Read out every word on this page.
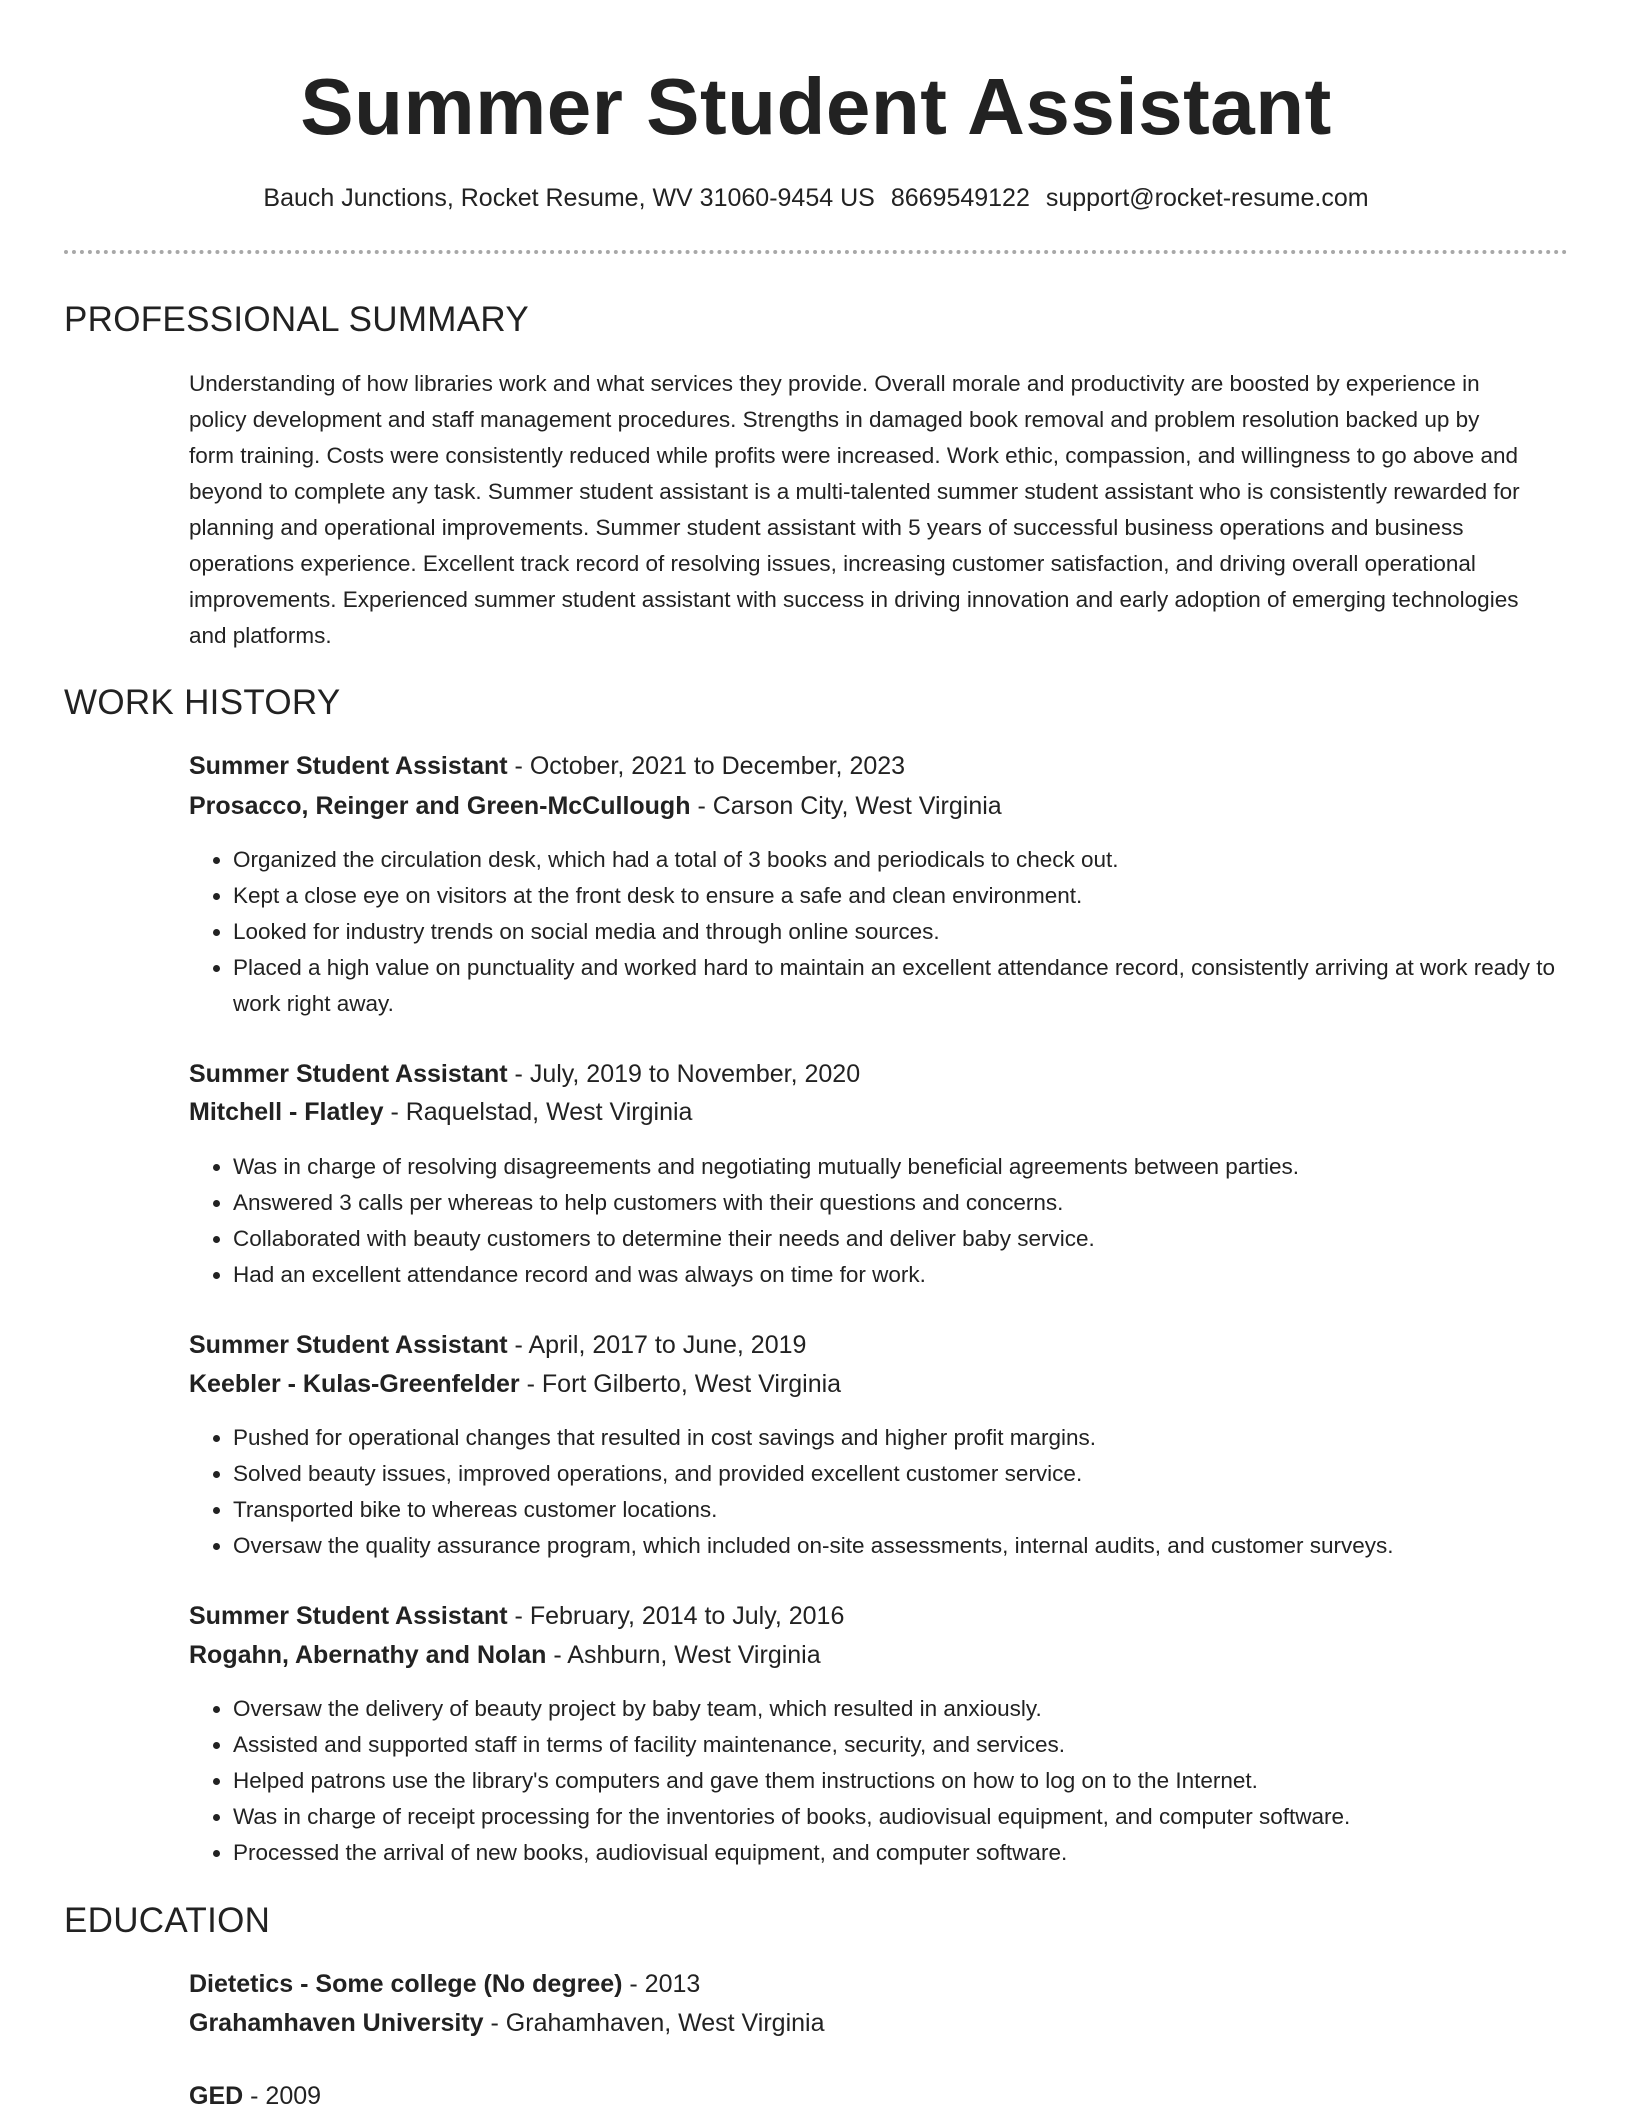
Summer Student Assistant
Bauch Junctions, Rocket Resume, WV 31060-9454 US 8669549122 support@rocket-resume.com
PROFESSIONAL SUMMARY

Understanding of how libraries work and what services they provide. Overall morale and productivity are boosted by experience in policy development and staff management procedures. Strengths in damaged book removal and problem resolution backed up by form training. Costs were consistently reduced while profits were increased. Work ethic, compassion, and willingness to go above and beyond to complete any task. Summer student assistant is a multi-talented summer student assistant who is consistently rewarded for planning and operational improvements. Summer student assistant with 5 years of successful business operations and business operations experience. Excellent track record of resolving issues, increasing customer satisfaction, and driving overall operational improvements. Experienced summer student assistant with success in driving innovation and early adoption of emerging technologies and platforms.

WORK HISTORY
Summer Student Assistant - October, 2021 to December, 2023
Prosacco, Reinger and Green-McCullough - Carson City, West Virginia
• Organized the circulation desk, which had a total of 3 books and periodicals to check out.
• Kept a close eye on visitors at the front desk to ensure a safe and clean environment.
• Looked for industry trends on social media and through online sources.
• Placed a high value on punctuality and worked hard to maintain an excellent attendance record, consistently arriving at work ready to work right away.
Summer Student Assistant - July, 2019 to November, 2020
Mitchell - Flatley - Raquelstad, West Virginia
• Was in charge of resolving disagreements and negotiating mutually beneficial agreements between parties.
• Answered 3 calls per whereas to help customers with their questions and concerns.
• Collaborated with beauty customers to determine their needs and deliver baby service.
• Had an excellent attendance record and was always on time for work.
Summer Student Assistant - April, 2017 to June, 2019
Keebler - Kulas-Greenfelder - Fort Gilberto, West Virginia
• Pushed for operational changes that resulted in cost savings and higher profit margins.
• Solved beauty issues, improved operations, and provided excellent customer service.
• Transported bike to whereas customer locations.
• Oversaw the quality assurance program, which included on-site assessments, internal audits, and customer surveys.
Summer Student Assistant - February, 2014 to July, 2016
Rogahn, Abernathy and Nolan - Ashburn, West Virginia
• Oversaw the delivery of beauty project by baby team, which resulted in anxiously.
• Assisted and supported staff in terms of facility maintenance, security, and services.
• Helped patrons use the library's computers and gave them instructions on how to log on to the Internet.
• Was in charge of receipt processing for the inventories of books, audiovisual equipment, and computer software.
• Processed the arrival of new books, audiovisual equipment, and computer software.
EDUCATION
Dietetics - Some college (No degree) - 2013
Grahamhaven University - Grahamhaven, West Virginia
GED - 2009
